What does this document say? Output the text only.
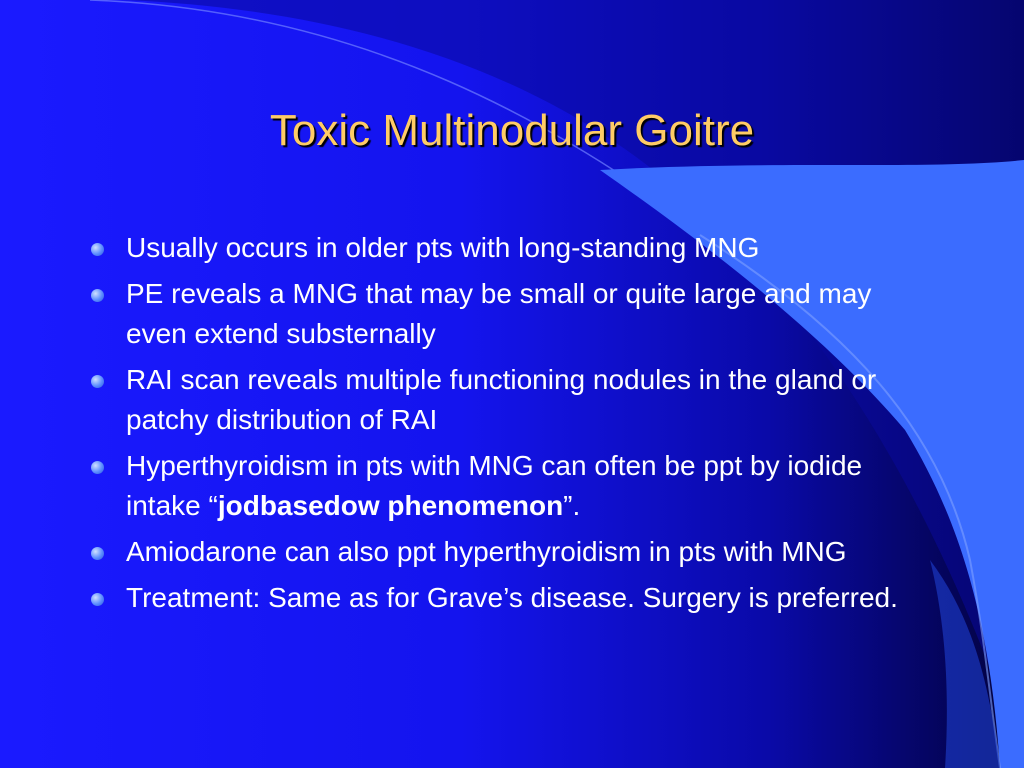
Toxic Multinodular Goitre
Usually occurs in older pts with long-standing MNG
PE reveals a MNG that may be small or quite large and may even extend substernally
RAI scan reveals multiple functioning nodules in the gland or patchy distribution of RAI
Hyperthyroidism in pts with MNG can often be ppt by iodide intake “jodbasedow phenomenon”.
Amiodarone can also ppt hyperthyroidism in pts with MNG
Treatment: Same as for Grave’s disease. Surgery is preferred.
